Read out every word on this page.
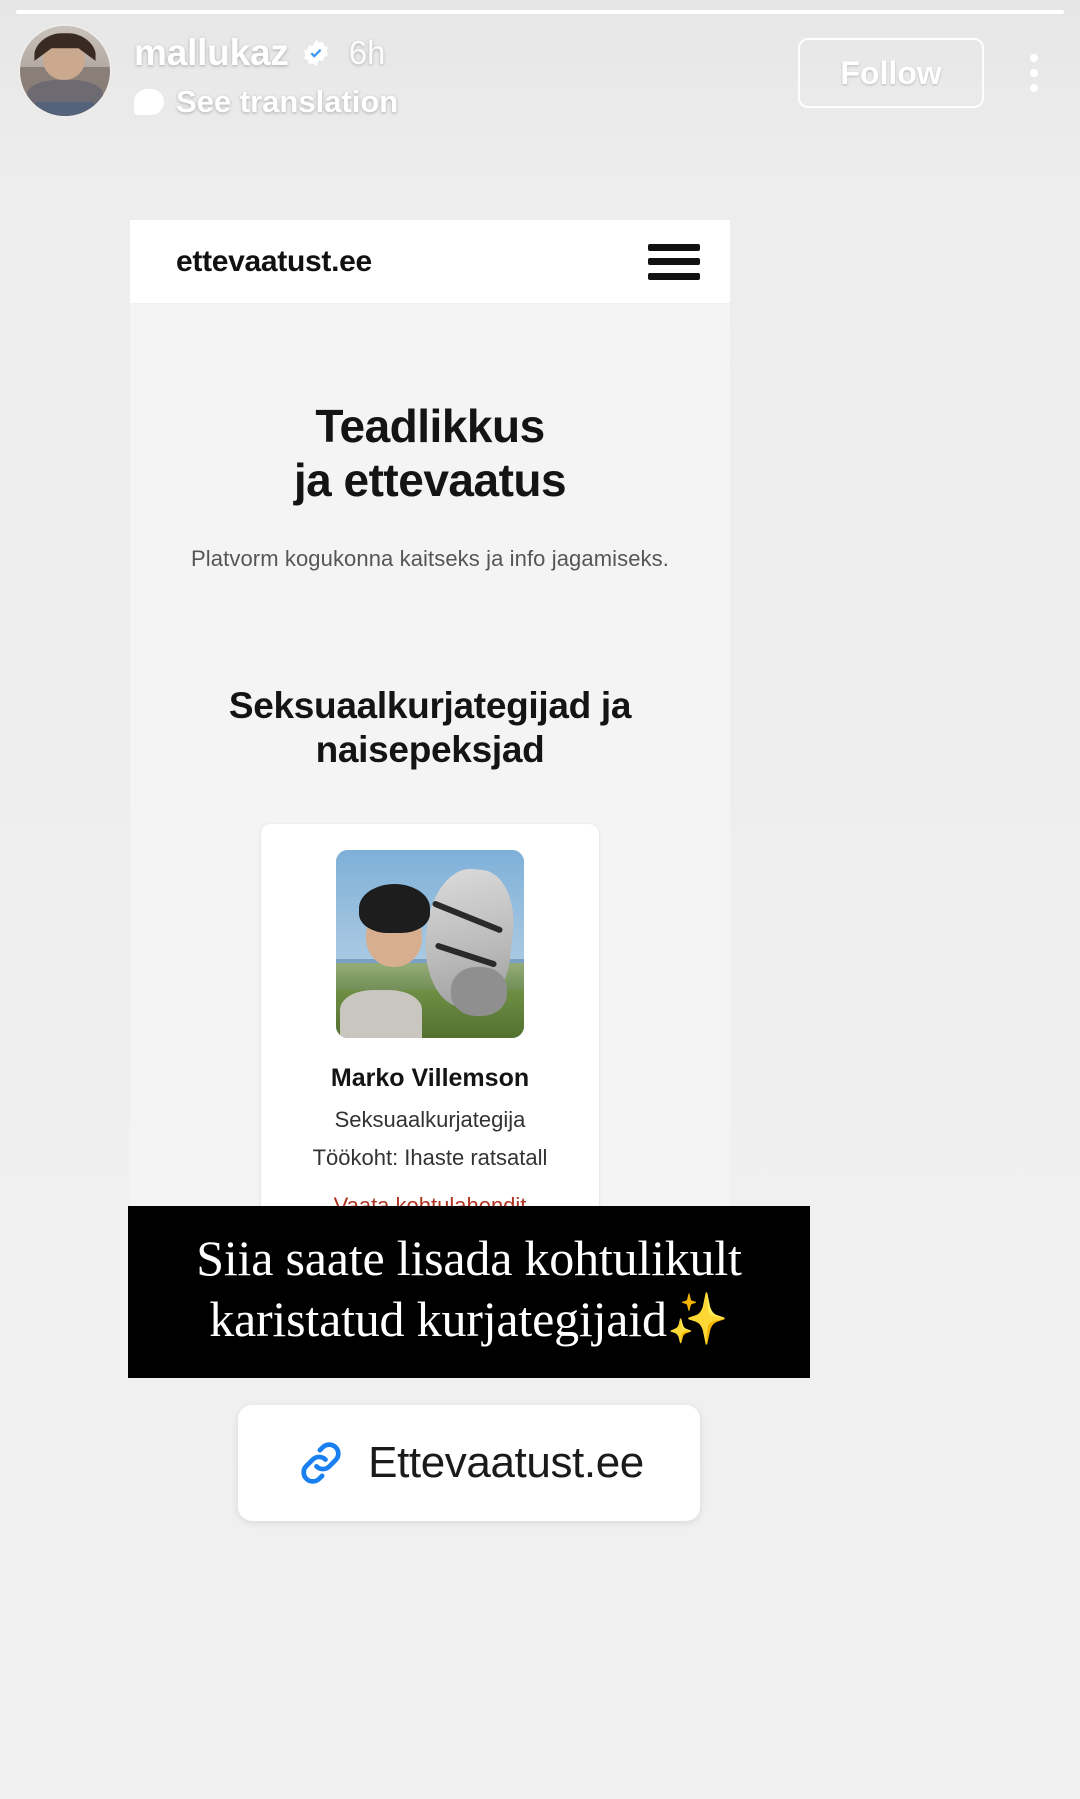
mallukaz 6h
See translation
Follow
ettevaatust.ee
Teadlikkus
ja ettevaatus
Platvorm kogukonna kaitseks ja info jagamiseks.
Seksuaalkurjategijad ja
naisepeksjad
Marko Villemson
Seksuaalkurjategija
Töökoht: Ihaste ratsatall
Siia saate lisada kohtulikult
karistatud kurjategijaid✨
Ettevaatust.ee
